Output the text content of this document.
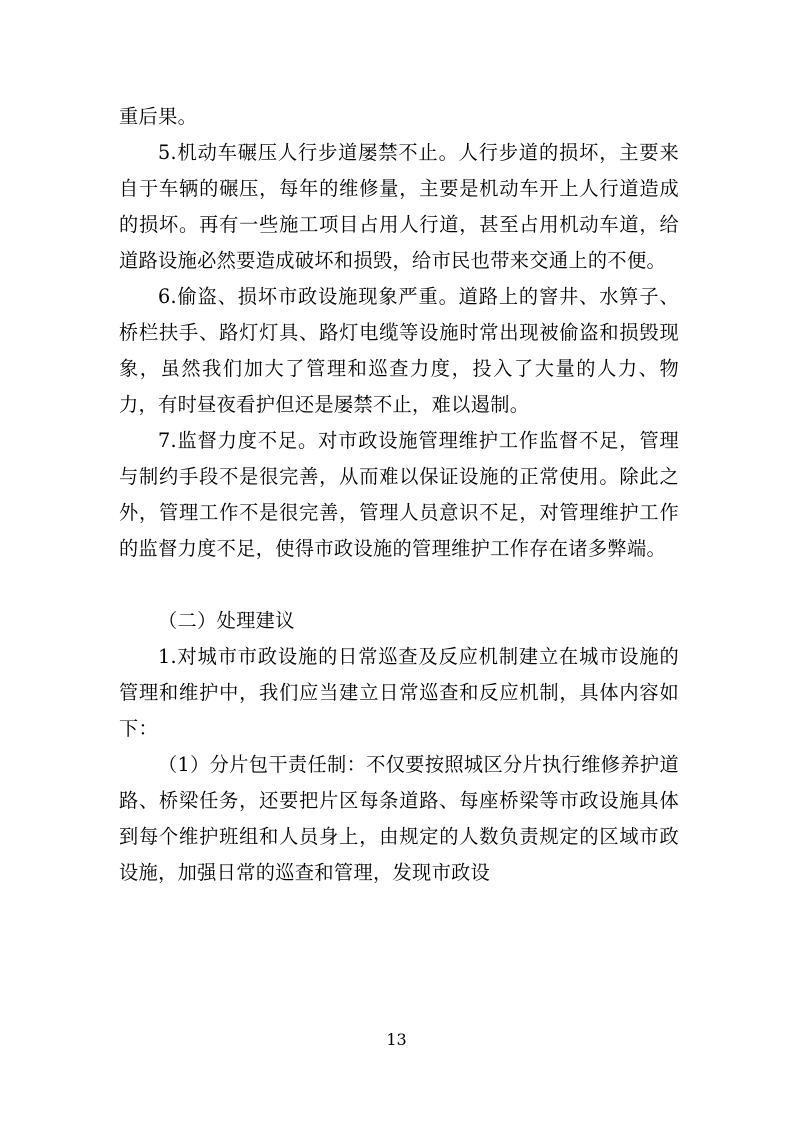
重后果。

5.机动车碾压人行步道屡禁不止。人行步道的损坏，主要来自于车辆的碾压，每年的维修量，主要是机动车开上人行道造成的损坏。再有一些施工项目占用人行道，甚至占用机动车道，给道路设施必然要造成破坏和损毁，给市民也带来交通上的不便。

6.偷盗、损坏市政设施现象严重。道路上的窨井、水箅子、桥栏扶手、路灯灯具、路灯电缆等设施时常出现被偷盗和损毁现象，虽然我们加大了管理和巡查力度，投入了大量的人力、物力，有时昼夜看护但还是屡禁不止，难以遏制。

7.监督力度不足。对市政设施管理维护工作监督不足，管理与制约手段不是很完善，从而难以保证设施的正常使用。除此之外，管理工作不是很完善，管理人员意识不足，对管理维护工作的监督力度不足，使得市政设施的管理维护工作存在诸多弊端。

（二）处理建议

1.对城市市政设施的日常巡查及反应机制建立在城市设施的管理和维护中，我们应当建立日常巡查和反应机制，具体内容如下：

（1）分片包干责任制：不仅要按照城区分片执行维修养护道路、桥梁任务，还要把片区每条道路、每座桥梁等市政设施具体到每个维护班组和人员身上，由规定的人数负责规定的区域市政设施，加强日常的巡查和管理，发现市政设

13
